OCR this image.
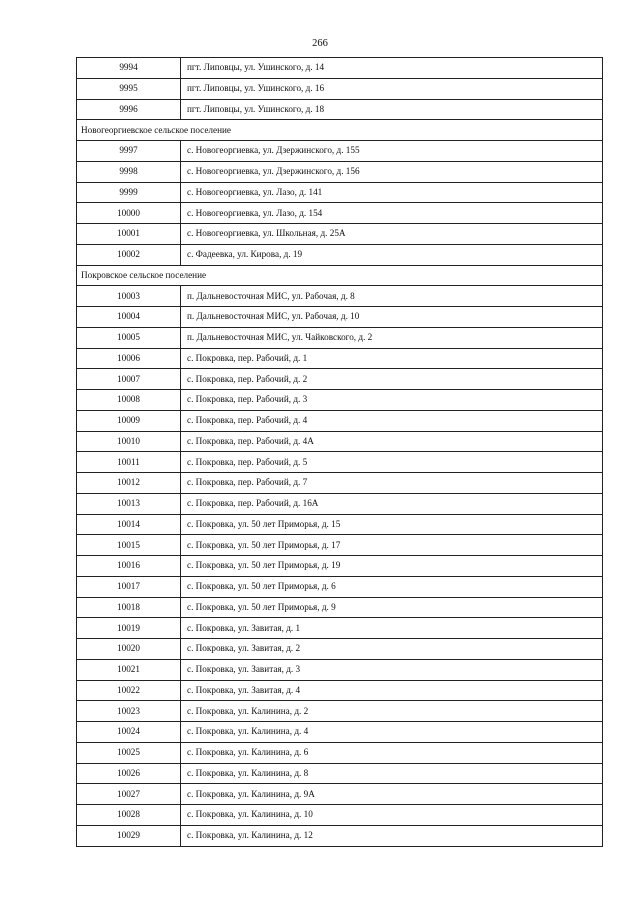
266
9994	пгт. Липовцы, ул. Ушинского, д. 14
9995	пгт. Липовцы, ул. Ушинского, д. 16
9996	пгт. Липовцы, ул. Ушинского, д. 18
Новогеоргиевское сельское поселение	
9997	с. Новогеоргиевка, ул. Дзержинского, д. 155
9998	с. Новогеоргиевка, ул. Дзержинского, д. 156
9999	с. Новогеоргиевка, ул. Лазо, д. 141
10000	с. Новогеоргиевка, ул. Лазо, д. 154
10001	с. Новогеоргиевка, ул. Школьная, д. 25А
10002	с. Фадеевка, ул. Кирова, д. 19
Покровское сельское поселение	
10003	п. Дальневосточная МИС, ул. Рабочая, д. 8
10004	п. Дальневосточная МИС, ул. Рабочая, д. 10
10005	п. Дальневосточная МИС, ул. Чайковского, д. 2
10006	с. Покровка, пер. Рабочий, д. 1
10007	с. Покровка, пер. Рабочий, д. 2
10008	с. Покровка, пер. Рабочий, д. 3
10009	с. Покровка, пер. Рабочий, д. 4
10010	с. Покровка, пер. Рабочий, д. 4А
10011	с. Покровка, пер. Рабочий, д. 5
10012	с. Покровка, пер. Рабочий, д. 7
10013	с. Покровка, пер. Рабочий, д. 16А
10014	с. Покровка, ул. 50 лет Приморья, д. 15
10015	с. Покровка, ул. 50 лет Приморья, д. 17
10016	с. Покровка, ул. 50 лет Приморья, д. 19
10017	с. Покровка, ул. 50 лет Приморья, д. 6
10018	с. Покровка, ул. 50 лет Приморья, д. 9
10019	с. Покровка, ул. Завитая, д. 1
10020	с. Покровка, ул. Завитая, д. 2
10021	с. Покровка, ул. Завитая, д. 3
10022	с. Покровка, ул. Завитая, д. 4
10023	с. Покровка, ул. Калинина, д. 2
10024	с. Покровка, ул. Калинина, д. 4
10025	с. Покровка, ул. Калинина, д. 6
10026	с. Покровка, ул. Калинина, д. 8
10027	с. Покровка, ул. Калинина, д. 9А
10028	с. Покровка, ул. Калинина, д. 10
10029	с. Покровка, ул. Калинина, д. 12
